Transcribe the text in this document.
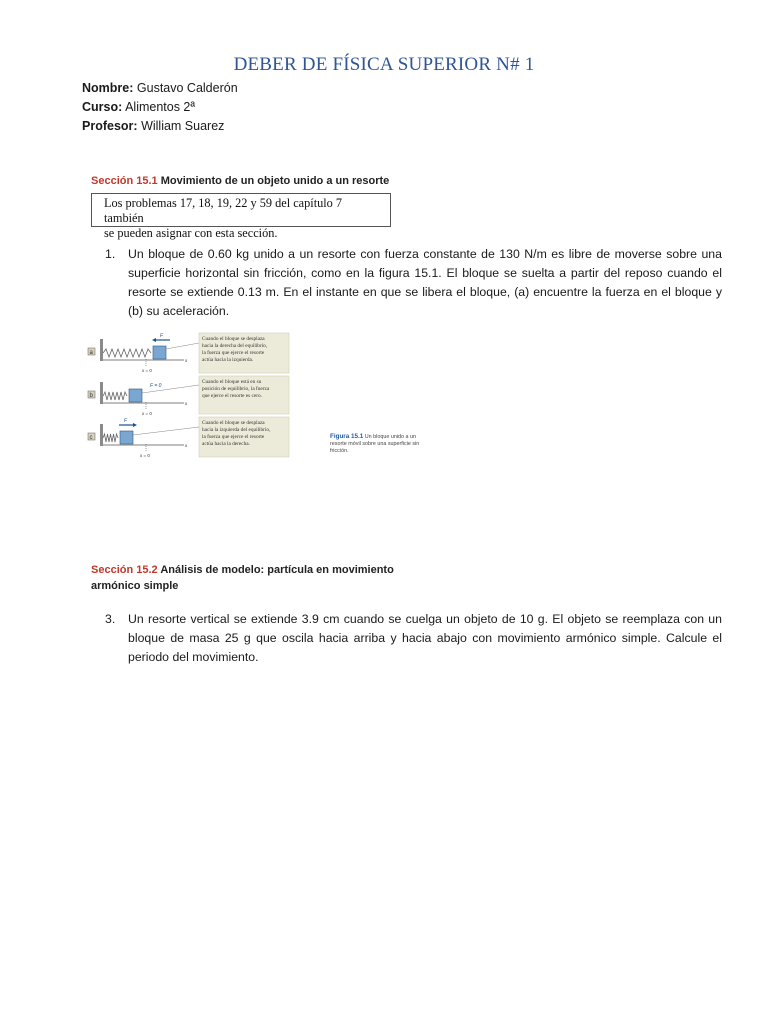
DEBER DE FÍSICA SUPERIOR N# 1
Nombre: Gustavo Calderón
Curso: Alimentos 2ª
Profesor: William Suarez
Sección 15.1 Movimiento de un objeto unido a un resorte
Los problemas 17, 18, 19, 22 y 59 del capítulo 7 también
se pueden asignar con esta sección.
1. Un bloque de 0.60 kg unido a un resorte con fuerza constante de 130 N/m es libre de moverse sobre una superficie horizontal sin fricción, como en la figura 15.1. El bloque se suelta a partir del reposo cuando el resorte se extiende 0.13 m. En el instante en que se libera el bloque, (a) encuentre la fuerza en el bloque y (b) su aceleración.
a
x = 0
x
F
b
x = 0
x
F = 0
c
x = 0
x
F
Cuando el bloque se desplaza
hacia la derecha del equilibrio,
la fuerza que ejerce el resorte
actúa hacia la izquierda.
Cuando el bloque está en su
posición de equilibrio, la fuerza
que ejerce el resorte es cero.
Cuando el bloque se desplaza
hacia la izquierda del equilibrio,
la fuerza que ejerce el resorte
actúa hacia la derecha.
Figura 15.1 Un bloque unido a un resorte móvil sobre una superficie sin fricción.
Sección 15.2 Análisis de modelo: partícula en movimiento
armónico simple
3. Un resorte vertical se extiende 3.9 cm cuando se cuelga un objeto de 10 g. El objeto se reemplaza con un bloque de masa 25 g que oscila hacia arriba y hacia abajo con movimiento armónico simple. Calcule el periodo del movimiento.
